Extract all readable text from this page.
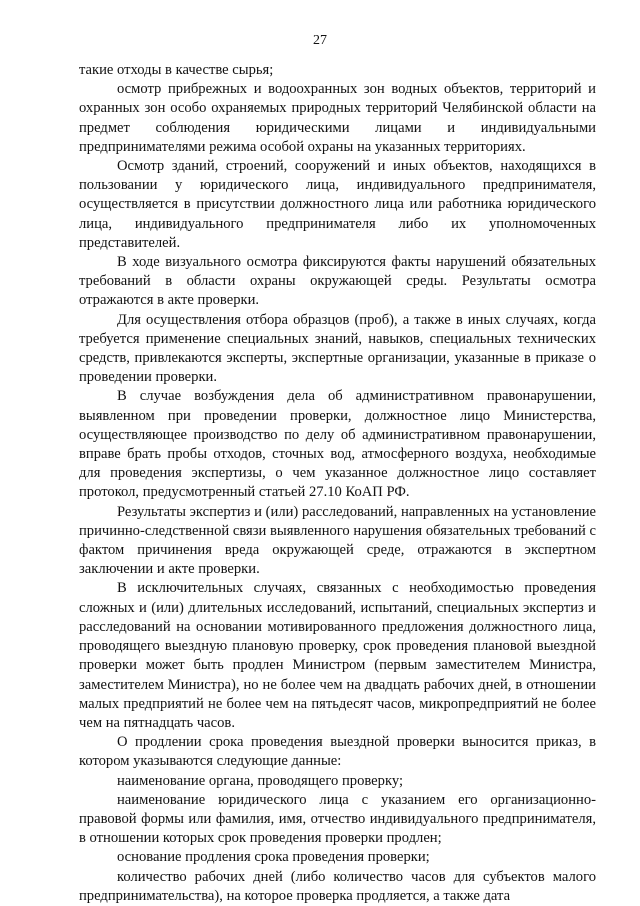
27

такие отходы в качестве сырья;

осмотр прибрежных и водоохранных зон водных объектов, территорий и охранных зон особо охраняемых природных территорий Челябинской области на предмет соблюдения юридическими лицами и индивидуальными предпринимателями режима особой охраны на указанных территориях.

Осмотр зданий, строений, сооружений и иных объектов, находящихся в пользовании у юридического лица, индивидуального предпринимателя, осуществляется в присутствии должностного лица или работника юридического лица, индивидуального предпринимателя либо их уполномоченных представителей.

В ходе визуального осмотра фиксируются факты нарушений обязательных требований в области охраны окружающей среды. Результаты осмотра отражаются в акте проверки.

Для осуществления отбора образцов (проб), а также в иных случаях, когда требуется применение специальных знаний, навыков, специальных технических средств, привлекаются эксперты, экспертные организации, указанные в приказе о проведении проверки.

В случае возбуждения дела об административном правонарушении, выявленном при проведении проверки, должностное лицо Министерства, осуществляющее производство по делу об административном правонарушении, вправе брать пробы отходов, сточных вод, атмосферного воздуха, необходимые для проведения экспертизы, о чем указанное должностное лицо составляет протокол, предусмотренный статьей 27.10 КоАП РФ.

Результаты экспертиз и (или) расследований, направленных на установление причинно-следственной связи выявленного нарушения обязательных требований с фактом причинения вреда окружающей среде, отражаются в экспертном заключении и акте проверки.

В исключительных случаях, связанных с необходимостью проведения сложных и (или) длительных исследований, испытаний, специальных экспертиз и расследований на основании мотивированного предложения должностного лица, проводящего выездную плановую проверку, срок проведения плановой выездной проверки может быть продлен Министром (первым заместителем Министра, заместителем Министра), но не более чем на двадцать рабочих дней, в отношении малых предприятий не более чем на пятьдесят часов, микропредприятий не более чем на пятнадцать часов.

О продлении срока проведения выездной проверки выносится приказ, в котором указываются следующие данные:

наименование органа, проводящего проверку;

наименование юридического лица с указанием его организационно-правовой формы или фамилия, имя, отчество индивидуального предпринимателя, в отношении которых срок проведения проверки продлен;

основание продления срока проведения проверки;

количество рабочих дней (либо количество часов для субъектов малого предпринимательства), на которое проверка продляется, а также дата
